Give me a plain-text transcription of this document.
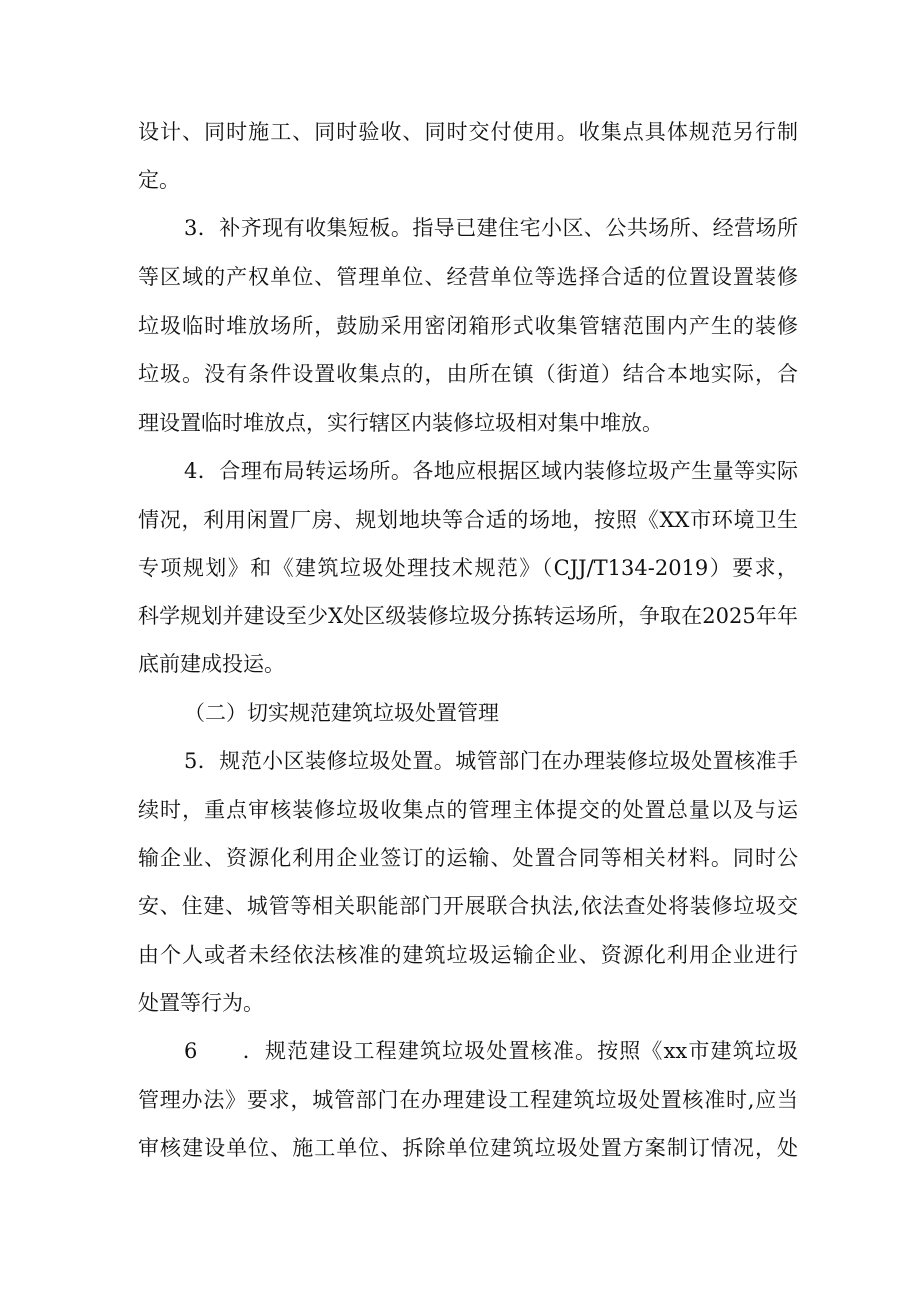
设计、同时施工、同时验收、同时交付使用。收集点具体规范另行制
定。
3．补齐现有收集短板。指导已建住宅小区、公共场所、经营场所
等区域的产权单位、管理单位、经营单位等选择合适的位置设置装修
垃圾临时堆放场所，鼓励采用密闭箱形式收集管辖范围内产生的装修
垃圾。没有条件设置收集点的，由所在镇（街道）结合本地实际，合
理设置临时堆放点，实行辖区内装修垃圾相对集中堆放。
4．合理布局转运场所。各地应根据区域内装修垃圾产生量等实际
情况，利用闲置厂房、规划地块等合适的场地，按照《XX市环境卫生
专项规划》和《建筑垃圾处理技术规范》（CJJ/T134-2019）要求，
科学规划并建设至少X处区级装修垃圾分拣转运场所，争取在2025年年
底前建成投运。
（二）切实规范建筑垃圾处置管理
5．规范小区装修垃圾处置。城管部门在办理装修垃圾处置核准手
续时，重点审核装修垃圾收集点的管理主体提交的处置总量以及与运
输企业、资源化利用企业签订的运输、处置合同等相关材料。同时公
安、住建、城管等相关职能部门开展联合执法,依法查处将装修垃圾交
由个人或者未经依法核准的建筑垃圾运输企业、资源化利用企业进行
处置等行为。
6　　．规范建设工程建筑垃圾处置核准。按照《xx市建筑垃圾
管理办法》要求，城管部门在办理建设工程建筑垃圾处置核准时,应当
审核建设单位、施工单位、拆除单位建筑垃圾处置方案制订情况，处
